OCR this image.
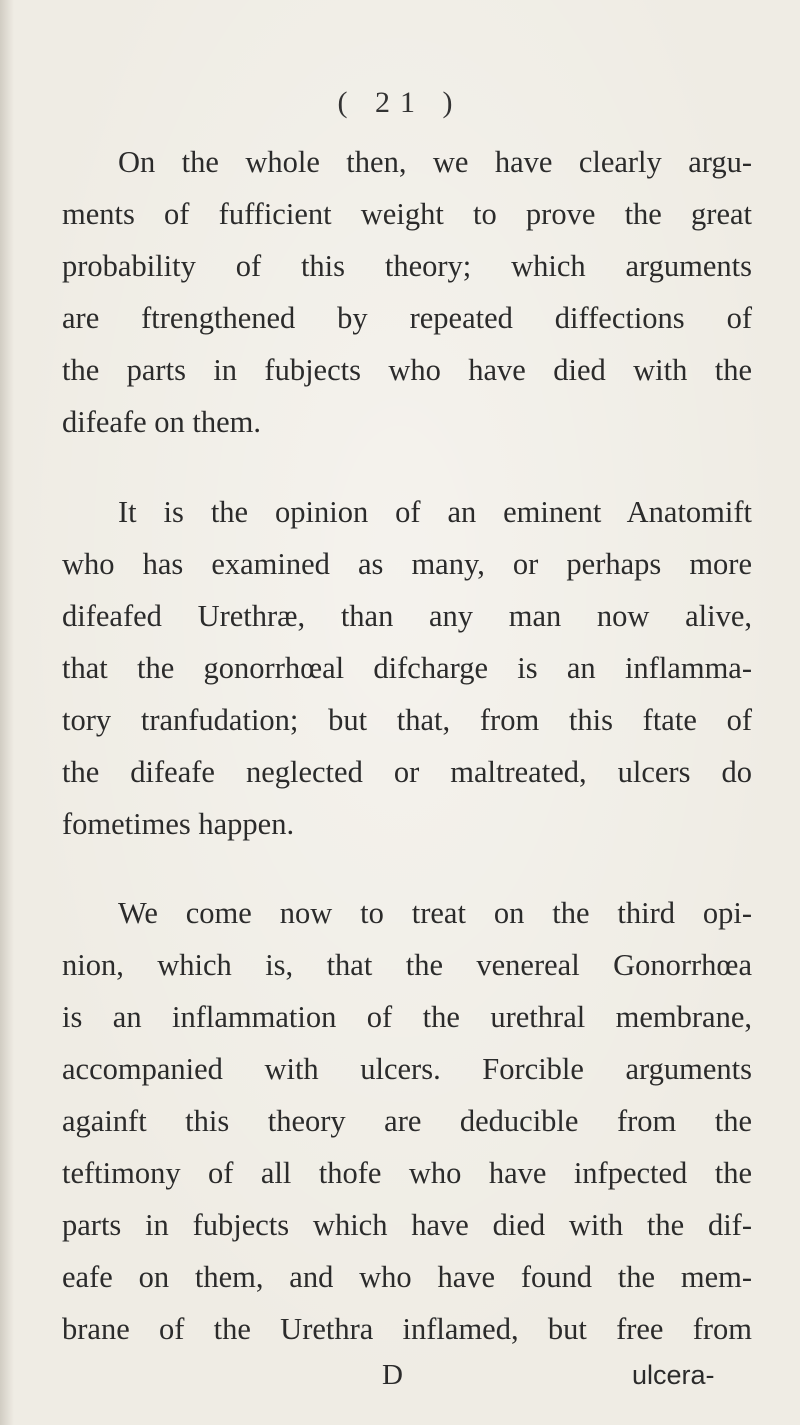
( 21 )
On the whole then, we have clearly argu-
ments of fufficient weight to prove the great
probability of this theory; which arguments
are ftrengthened by repeated diffections of
the parts in fubjects who have died with the
difeafe on them.
It is the opinion of an eminent Anatomift
who has examined as many, or perhaps more
difeafed Urethræ, than any man now alive,
that the gonorrhœal difcharge is an inflamma-
tory tranfudation; but that, from this ftate of
the difeafe neglected or maltreated, ulcers do
fometimes happen.
We come now to treat on the third opi-
nion, which is, that the venereal Gonorrhœa
is an inflammation of the urethral membrane,
accompanied with ulcers. Forcible arguments
againft this theory are deducible from the
teftimony of all thofe who have infpected the
parts in fubjects which have died with the dif-
eafe on them, and who have found the mem-
brane of the Urethra inflamed, but free from
D	ulcera-
